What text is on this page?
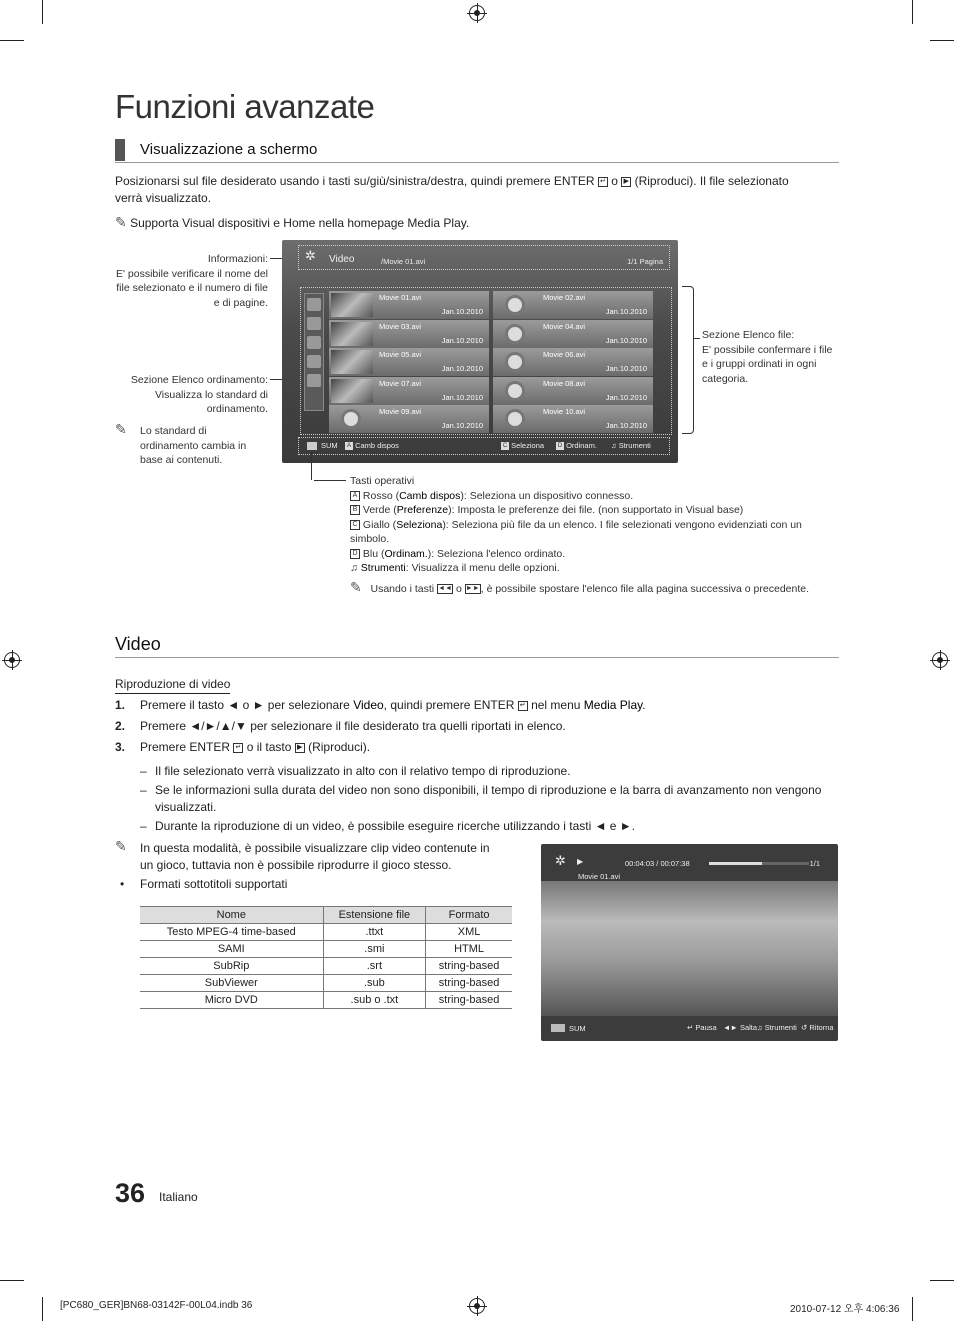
Funzioni avanzate
Visualizzazione a schermo
Posizionarsi sul file desiderato usando i tasti su/giù/sinistra/destra, quindi premere ENTER ↵ o ▶ (Riproduci). Il file selezionato
verrà visualizzato.
✎ Supporta Visual dispositivi e Home nella homepage Media Play.
Informazioni:
E' possibile verificare il nome del
file selezionato e il numero di file
e di pagine.
Sezione Elenco ordinamento:
Visualizza lo standard di
ordinamento.
✎ Lo standard di
ordinamento cambia in
base ai contenuti.
✲ Video	/Movie 01.avi	1/1 Pagina
Movie 01.avi
Jan.10.2010
Movie 02.avi
Jan.10.2010
Movie 03.avi
Jan.10.2010
Movie 04.avi
Jan.10.2010
Movie 05.avi
Jan.10.2010
Movie 06.avi
Jan.10.2010
Movie 07.avi
Jan.10.2010
Movie 08.avi
Jan.10.2010
Movie 09.avi
Jan.10.2010
Movie 10.avi
Jan.10.2010
SUM	A Camb dispos	C Seleziona	D Ordinam. ♫ Strumenti
Sezione Elenco file:
E' possibile confermare i file
e i gruppi ordinati in ogni
categoria.
Tasti operativi
A Rosso (Camb dispos): Seleziona un dispositivo connesso.
B Verde (Preferenze): Imposta le preferenze dei file. (non supportato in Visual base)
C Giallo (Seleziona): Seleziona più file da un elenco. I file selezionati vengono evidenziati con un
simbolo.
D Blu (Ordinam.): Seleziona l'elenco ordinato.
♫ Strumenti: Visualizza il menu delle opzioni.
✎ Usando i tasti ◄◄ o ►►, è possibile spostare l'elenco file alla pagina successiva o precedente.
Video
Riproduzione di video
1. Premere il tasto ◄ o ► per selezionare Video, quindi premere ENTER ↵ nel menu Media Play.
2. Premere ◄/►/▲/▼ per selezionare il file desiderato tra quelli riportati in elenco.
3. Premere ENTER ↵ o il tasto ▶ (Riproduci).
– Il file selezionato verrà visualizzato in alto con il relativo tempo di riproduzione.
– Se le informazioni sulla durata del video non sono disponibili, il tempo di riproduzione e la barra di avanzamento non vengono
visualizzati.
– Durante la riproduzione di un video, è possibile eseguire ricerche utilizzando i tasti ◄ e ►.
✎ In questa modalità, è possibile visualizzare clip video contenute in
un gioco, tuttavia non è possibile riprodurre il gioco stesso.
• Formati sottotitoli supportati
Nome	Estensione file	Formato
Testo MPEG-4 time-based	.ttxt	XML
SAMI	.smi	HTML
SubRip	.srt	string-based
SubViewer	.sub	string-based
Micro DVD	.sub o .txt	string-based
✲ ▶	00:04:03 / 00:07:38	1/1
Movie 01.avi
SUM	↵ Pausa ◄► Salta ♫ Strumenti ↺ Ritorna
36 Italiano
[PC680_GER]BN68-03142F-00L04.indb 36	2010-07-12 오후 4:06:36
